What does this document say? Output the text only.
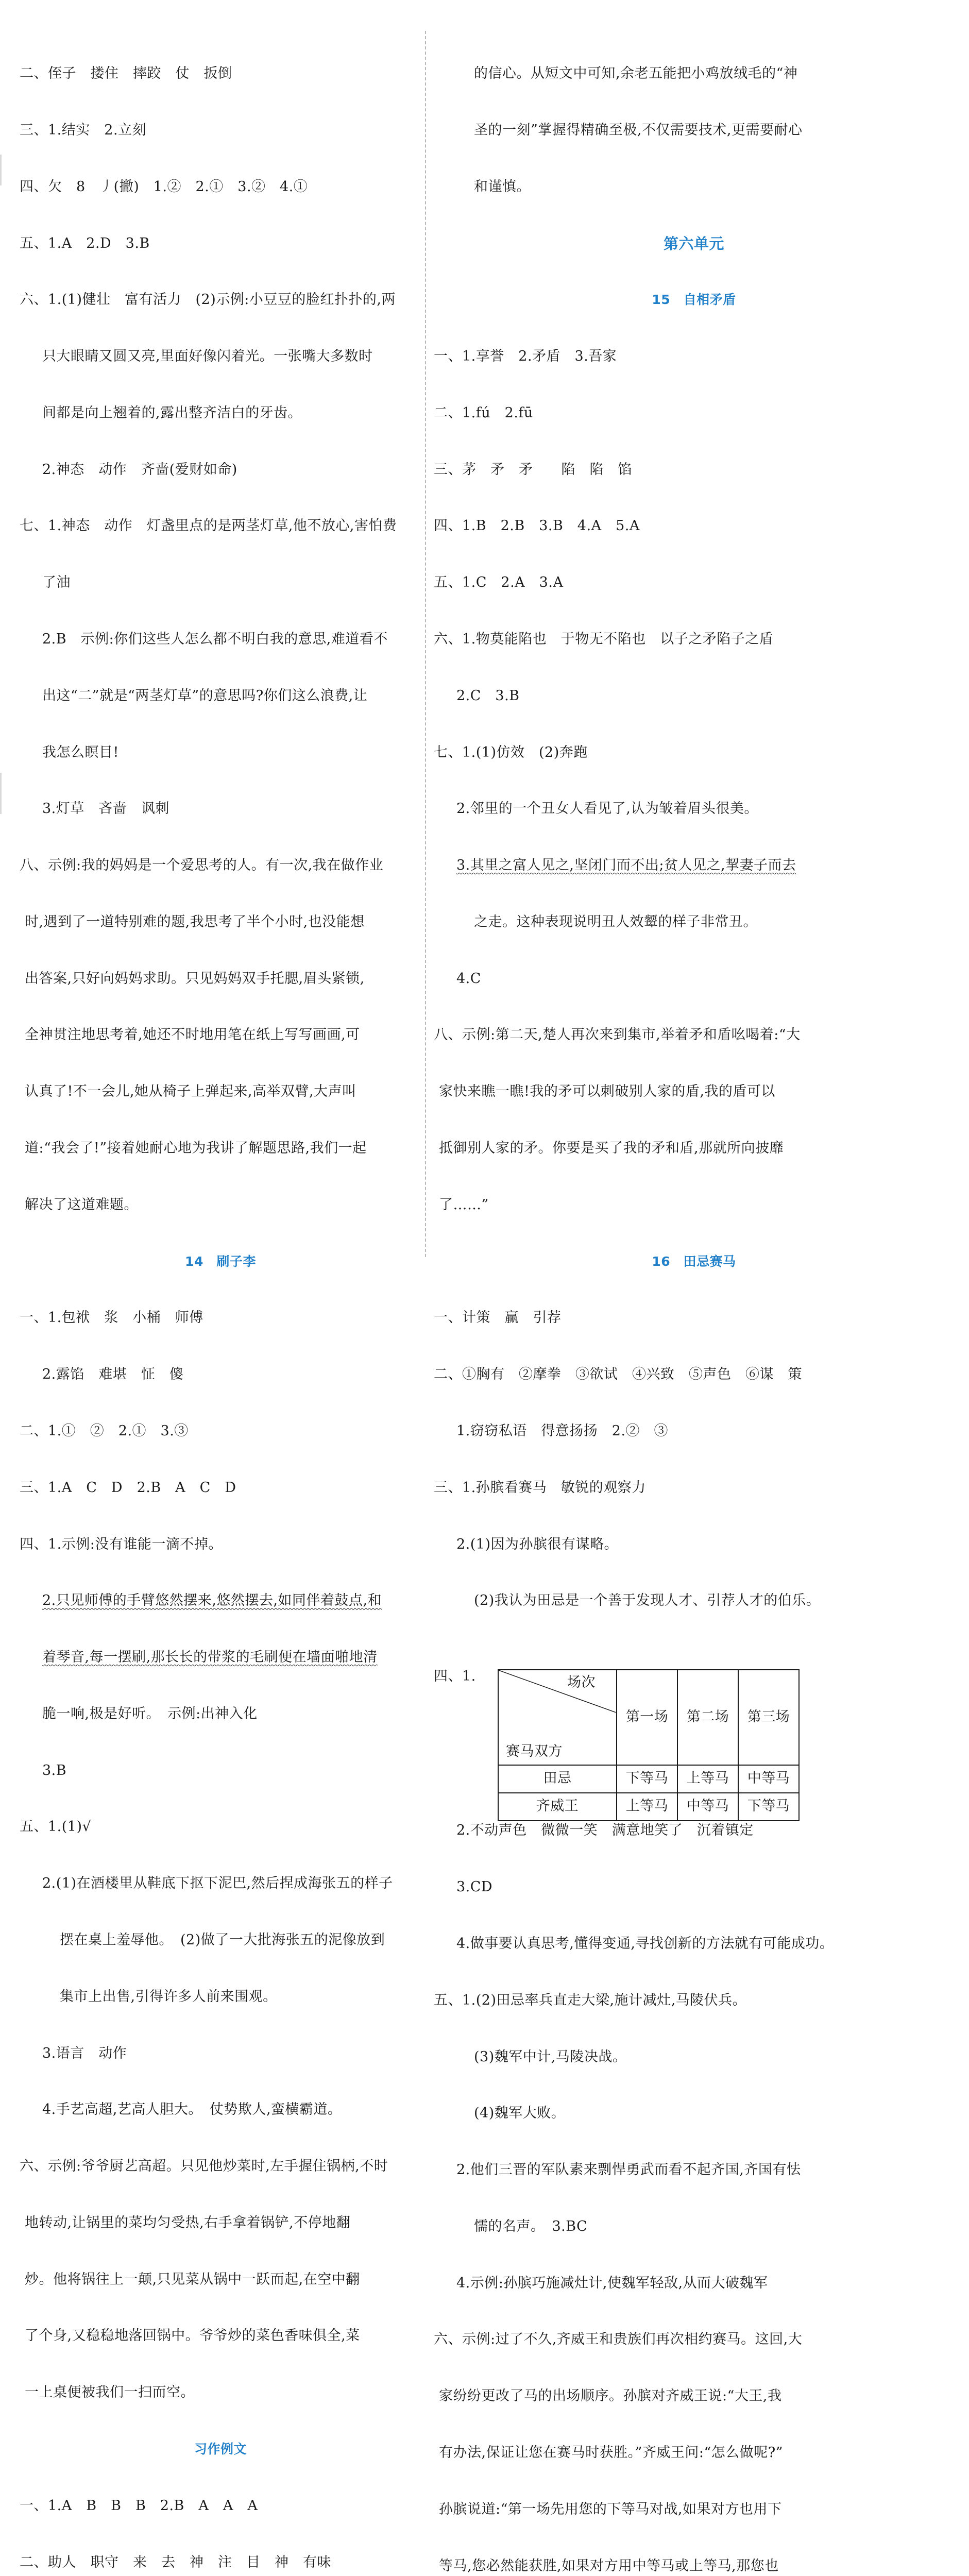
二、侄子　搂住　摔跤　仗　扳倒

三、1.结实　2.立刻

四、欠　8　丿(撇)　1.②　2.①　3.②　4.①

五、1.A　2.D　3.B

六、1.(1)健壮　富有活力　(2)示例:小豆豆的脸红扑扑的,两

只大眼睛又圆又亮,里面好像闪着光。一张嘴大多数时

间都是向上翘着的,露出整齐洁白的牙齿。

2.神态　动作　齐啬(爱财如命)

七、1.神态　动作　灯盏里点的是两茎灯草,他不放心,害怕费

了油

2.B　示例:你们这些人怎么都不明白我的意思,难道看不

出这“二”就是“两茎灯草”的意思吗?你们这么浪费,让

我怎么瞑目!

3.灯草　吝啬　讽刺

八、示例:我的妈妈是一个爱思考的人。有一次,我在做作业

时,遇到了一道特别难的题,我思考了半个小时,也没能想

出答案,只好向妈妈求助。只见妈妈双手托腮,眉头紧锁,

全神贯注地思考着,她还不时地用笔在纸上写写画画,可

认真了!不一会儿,她从椅子上弹起来,高举双臂,大声叫

道:“我会了!”接着她耐心地为我讲了解题思路,我们一起

解决了这道难题。

14　刷子李

一、1.包袱　浆　小桶　师傅

2.露馅　难堪　怔　傻

二、1.①　②　2.①　3.③

三、1.A　C　D　2.B　A　C　D

四、1.示例:没有谁能一滴不掉。

2.只见师傅的手臂悠然摆来,悠然摆去,如同伴着鼓点,和

着琴音,每一摆刷,那长长的带浆的毛刷便在墙面啪地清

脆一响,极是好听。　示例:出神入化

3.B

五、1.(1)√

2.(1)在酒楼里从鞋底下抠下泥巴,然后捏成海张五的样子

摆在桌上羞辱他。　(2)做了一大批海张五的泥像放到

集市上出售,引得许多人前来围观。

3.语言　动作

4.手艺高超,艺高人胆大。　仗势欺人,蛮横霸道。

六、示例:爷爷厨艺高超。只见他炒菜时,左手握住锅柄,不时

地转动,让锅里的菜均匀受热,右手拿着锅铲,不停地翻

炒。他将锅往上一颠,只见菜从锅中一跃而起,在空中翻

了个身,又稳稳地落回锅中。爷爷炒的菜色香味俱全,菜

一上桌便被我们一扫而空。

习作例文

一、1.A　B　B　B　2.B　A　A　A

二、助人　职守　来　去　神　注　目　神　有味

的信心。从短文中可知,余老五能把小鸡放绒毛的“神

圣的一刻”掌握得精确至极,不仅需要技术,更需要耐心

和谨慎。

第六单元

15　自相矛盾

一、1.享誉　2.矛盾　3.吾家

二、1.fú　2.fū

三、茅　矛　矛　　陷　陷　馅

四、1.B　2.B　3.B　4.A　5.A

五、1.C　2.A　3.A

六、1.物莫能陷也　于物无不陷也　以子之矛陷子之盾

2.C　3.B

七、1.(1)仿效　(2)奔跑

2.邻里的一个丑女人看见了,认为皱着眉头很美。

3.其里之富人见之,坚闭门而不出;贫人见之,挈妻子而去

之走。这种表现说明丑人效颦的样子非常丑。

4.C

八、示例:第二天,楚人再次来到集市,举着矛和盾吆喝着:“大

家快来瞧一瞧!我的矛可以刺破别人家的盾,我的盾可以

抵御别人家的矛。你要是买了我的矛和盾,那就所向披靡

了……”

16　田忌赛马

一、计策　赢　引荐

二、①胸有　②摩拳　③欲试　④兴致　⑤声色　⑥谋　策

1.窃窃私语　得意扬扬　2.②　③

三、1.孙膑看赛马　敏锐的观察力

2.(1)因为孙膑很有谋略。

(2)我认为田忌是一个善于发现人才、引荐人才的伯乐。

四、1.

	场次

赛马双方	第一场	第二场	第三场
田忌	下等马	上等马	中等马
齐威王	上等马	中等马	下等马

2.不动声色　微微一笑　满意地笑了　沉着镇定

3.CD

4.做事要认真思考,懂得变通,寻找创新的方法就有可能成功。

五、1.(2)田忌率兵直走大梁,施计减灶,马陵伏兵。

(3)魏军中计,马陵决战。

(4)魏军大败。

2.他们三晋的军队素来剽悍勇武而看不起齐国,齐国有怯

懦的名声。　3.BC

4.示例:孙膑巧施减灶计,使魏军轻敌,从而大破魏军

六、示例:过了不久,齐威王和贵族们再次相约赛马。这回,大

家纷纷更改了马的出场顺序。孙膑对齐威王说:“大王,我

有办法,保证让您在赛马时获胜。”齐威王问:“怎么做呢?”

孙膑说道:“第一场先用您的下等马对战,如果对方也用下

等马,您必然能获胜,如果对方用中等马或上等马,那您也
